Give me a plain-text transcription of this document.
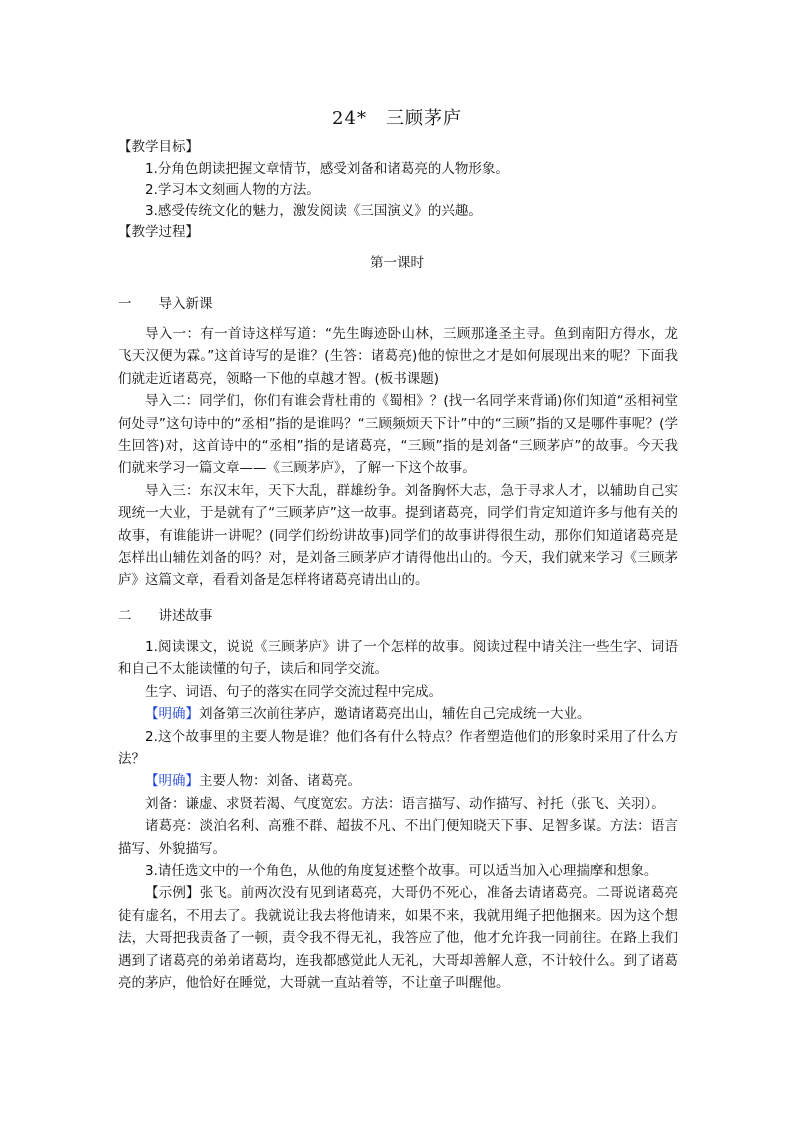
24*　三顾茅庐
【教学目标】
1.分角色朗读把握文章情节，感受刘备和诸葛亮的人物形象。
2.学习本文刻画人物的方法。
3.感受传统文化的魅力，激发阅读《三国演义》的兴趣。
【教学过程】
第一课时
一　　导入新课

导入一：有一首诗这样写道：“先生晦迹卧山林，三顾那逢圣主寻。鱼到南阳方得水，龙飞天汉便为霖。”这首诗写的是谁？(生答：诸葛亮)他的惊世之才是如何展现出来的呢？下面我们就走近诸葛亮，领略一下他的卓越才智。(板书课题)

导入二：同学们，你们有谁会背杜甫的《蜀相》？(找一名同学来背诵)你们知道“丞相祠堂何处寻”这句诗中的“丞相”指的是谁吗？“三顾频烦天下计”中的“三顾”指的又是哪件事呢？(学生回答)对，这首诗中的“丞相”指的是诸葛亮，“三顾”指的是刘备“三顾茅庐”的故事。今天我们就来学习一篇文章——《三顾茅庐》，了解一下这个故事。

导入三：东汉末年，天下大乱，群雄纷争。刘备胸怀大志，急于寻求人才，以辅助自己实现统一大业，于是就有了“三顾茅庐”这一故事。提到诸葛亮，同学们肯定知道许多与他有关的故事，有谁能讲一讲呢？(同学们纷纷讲故事)同学们的故事讲得很生动，那你们知道诸葛亮是怎样出山辅佐刘备的吗？对，是刘备三顾茅庐才请得他出山的。今天，我们就来学习《三顾茅庐》这篇文章，看看刘备是怎样将诸葛亮请出山的。

二　　讲述故事

1.阅读课文，说说《三顾茅庐》讲了一个怎样的故事。阅读过程中请关注一些生字、词语和自己不太能读懂的句子，读后和同学交流。

生字、词语、句子的落实在同学交流过程中完成。

【明确】刘备第三次前往茅庐，邀请诸葛亮出山，辅佐自己完成统一大业。

2.这个故事里的主要人物是谁？他们各有什么特点？作者塑造他们的形象时采用了什么方法？

【明确】主要人物：刘备、诸葛亮。

刘备：谦虚、求贤若渴、气度宽宏。方法：语言描写、动作描写、衬托（张飞、关羽）。

诸葛亮：淡泊名利、高雅不群、超拔不凡、不出门便知晓天下事、足智多谋。方法：语言描写、外貌描写。

3.请任选文中的一个角色，从他的角度复述整个故事。可以适当加入心理揣摩和想象。

【示例】张飞。前两次没有见到诸葛亮，大哥仍不死心，准备去请诸葛亮。二哥说诸葛亮徒有虚名，不用去了。我就说让我去将他请来，如果不来，我就用绳子把他捆来。因为这个想法，大哥把我责备了一顿，责令我不得无礼，我答应了他，他才允许我一同前往。在路上我们遇到了诸葛亮的弟弟诸葛均，连我都感觉此人无礼，大哥却善解人意，不计较什么。到了诸葛亮的茅庐，他恰好在睡觉，大哥就一直站着等，不让童子叫醒他。
